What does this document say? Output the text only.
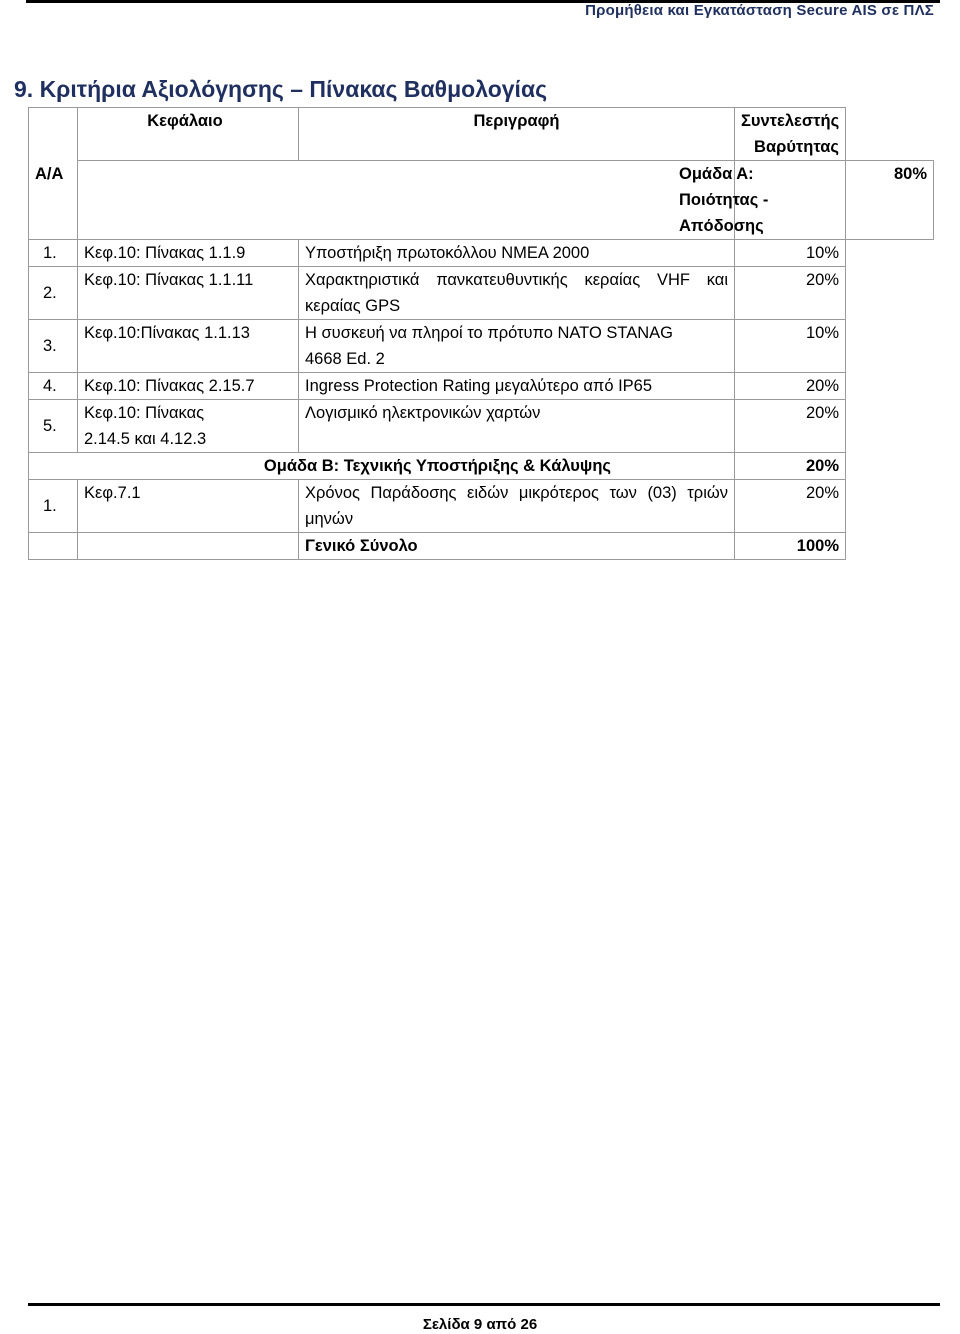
Προμήθεια και Εγκατάσταση Secure AIS σε ΠΛΣ
9. Κριτήρια Αξιολόγησης – Πίνακας Βαθμολογίας
Α/Α	Κεφάλαιο	Περιγραφή	Συντελεστής Βαρύτητας	
			Ομάδα Α: Ποιότητας - Απόδοσης	80%
1.	Κεφ.10: Πίνακας 1.1.9	Υποστήριξη πρωτοκόλλου NMEA 2000	10%	
2.	Κεφ.10: Πίνακας 1.1.11	Χαρακτηριστικά πανκατευθυντικής κεραίας VHF και κεραίας GPS	20%	
3.	Κεφ.10:Πίνακας 1.1.13	Η συσκευή να πληροί το πρότυπο ΝΑΤΟ STANAG 4668 Ed. 2	10%	
4.	Κεφ.10: Πίνακας 2.15.7	Ingress Protection Rating μεγαλύτερο από IP65	20%	
5.	Κεφ.10: Πίνακας 2.14.5 και 4.12.3	Λογισμικό ηλεκτρονικών χαρτών	20%	
Ομάδα Β: Τεχνικής Υποστήριξης & Κάλυψης			20%	
1.	Κεφ.7.1	Χρόνος Παράδοσης ειδών μικρότερος των (03) τριών μηνών	20%	
		Γενικό Σύνολο	100%	
Σελίδα 9 από 26
